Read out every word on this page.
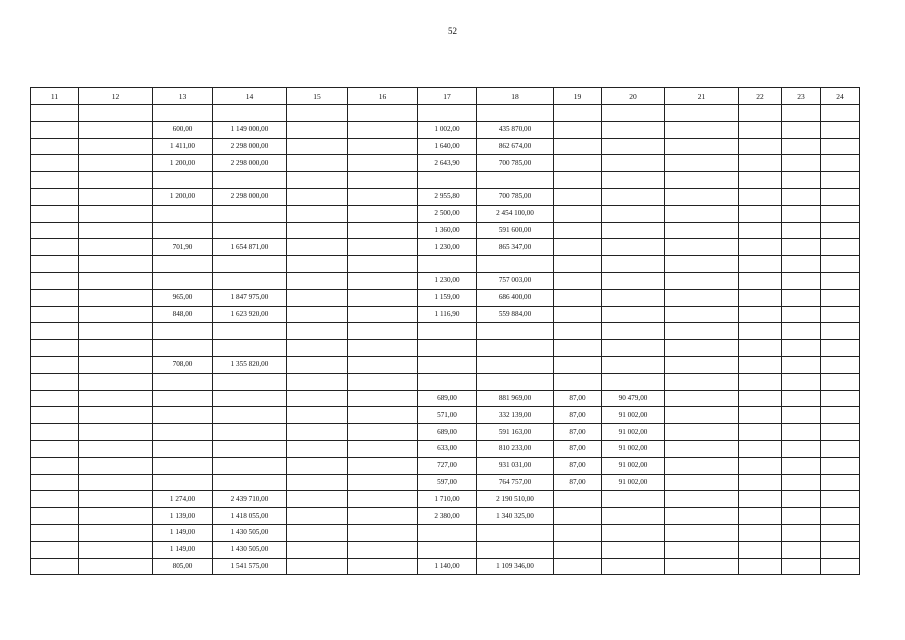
52
11	12	13	14	15	16	17	18	19	20	21	22	23	24

		600,00	1 149 000,00			1 002,00	435 870,00						
		1 411,00	2 298 000,00			1 640,00	862 674,00						
		1 200,00	2 298 000,00			2 643,90	700 785,00						

		1 200,00	2 298 000,00			2 955,80	700 785,00						
						2 500,00	2 454 100,00						
						1 360,00	591 600,00						
		701,90	1 654 871,00			1 230,00	865 347,00						

						1 230,00	757 003,00						
		965,00	1 847 975,00			1 159,00	686 400,00						
		848,00	1 623 920,00			1 116,90	559 884,00						

		708,00	1 355 820,00										

						689,00	881 969,00	87,00	90 479,00				
						571,00	332 139,00	87,00	91 002,00				
						689,00	591 163,00	87,00	91 002,00				
						633,00	810 233,00	87,00	91 002,00				
						727,00	931 031,00	87,00	91 002,00				
						597,00	764 757,00	87,00	91 002,00				
		1 274,00	2 439 710,00			1 710,00	2 190 510,00						
		1 139,00	1 418 055,00			2 380,00	1 340 325,00						
		1 149,00	1 430 505,00										
		1 149,00	1 430 505,00										
		805,00	1 541 575,00			1 140,00	1 109 346,00						
